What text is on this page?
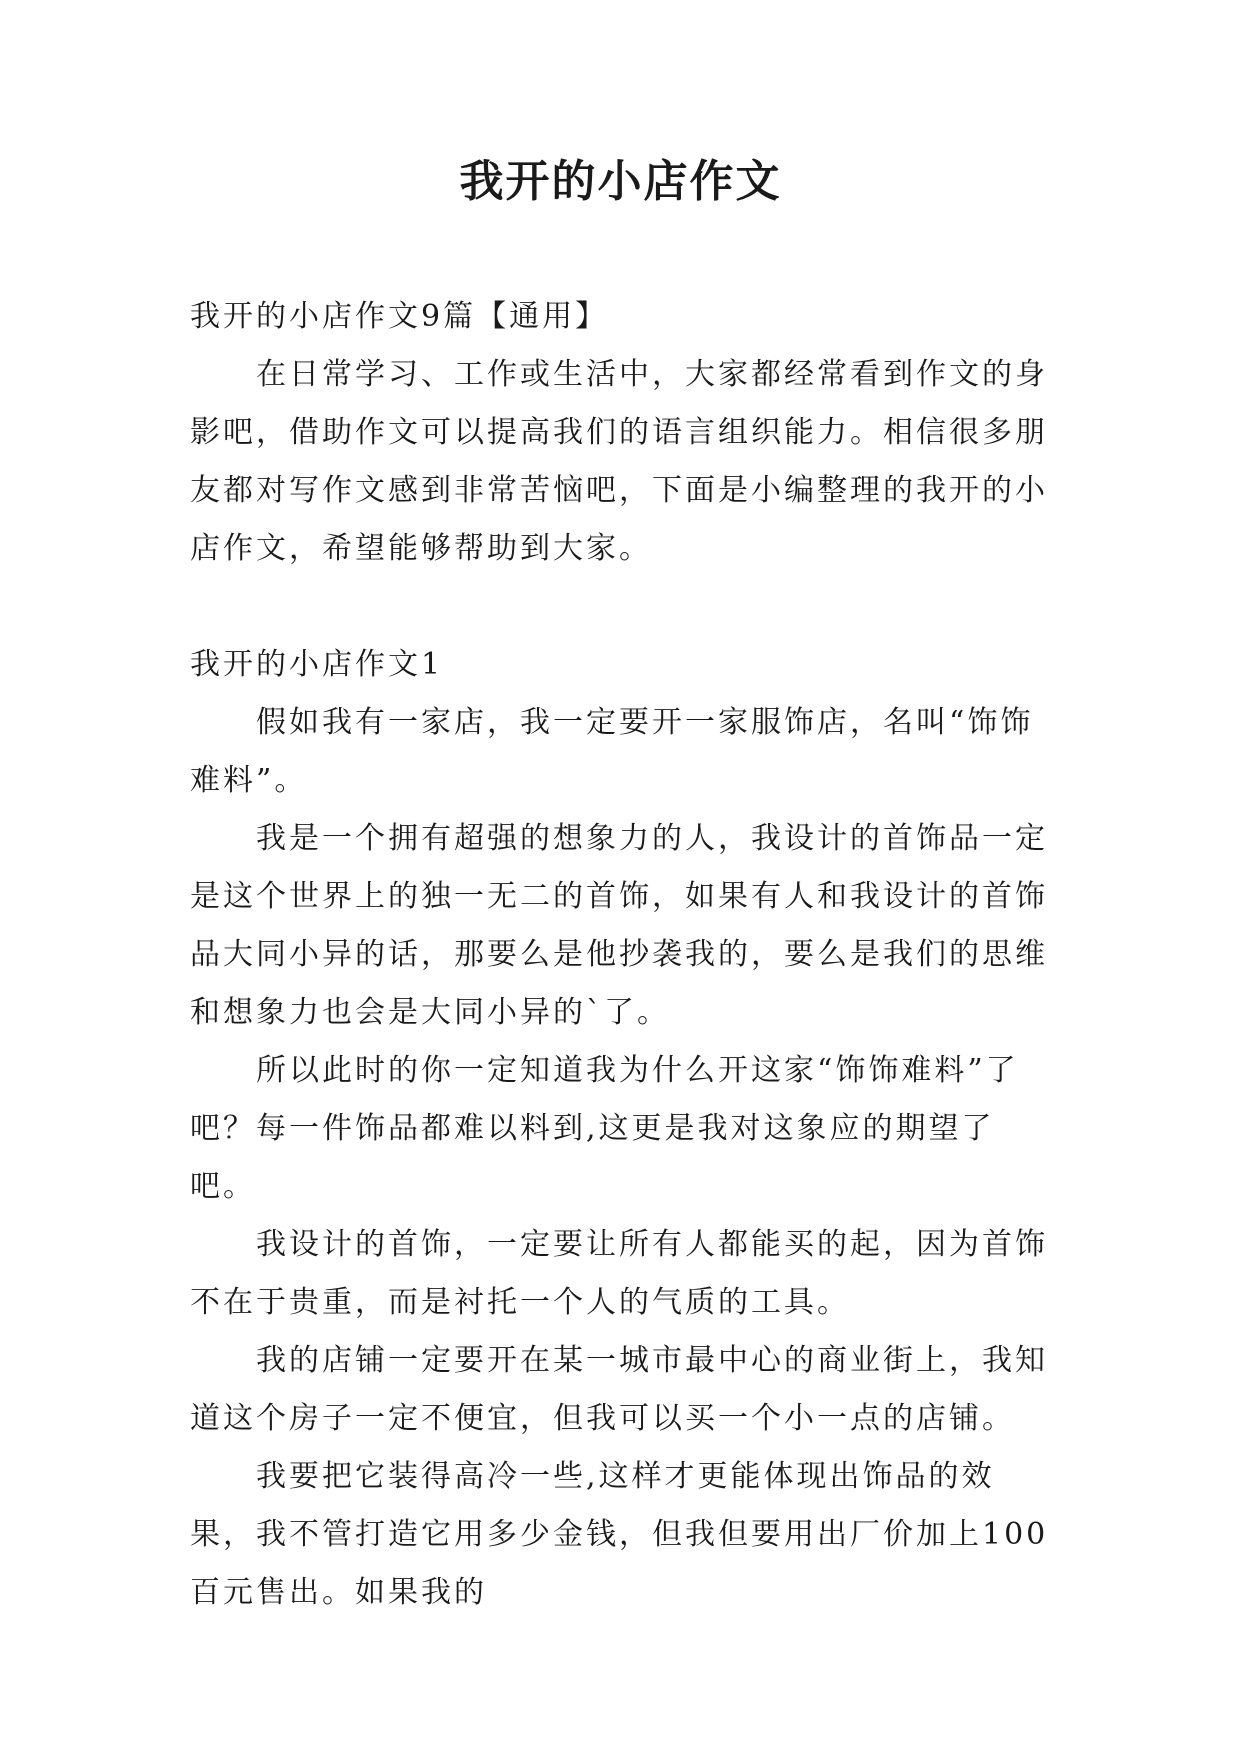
我开的小店作文

我开的小店作文9篇【通用】

在日常学习、工作或生活中，大家都经常看到作文的身影吧，借助作文可以提高我们的语言组织能力。相信很多朋友都对写作文感到非常苦恼吧，下面是小编整理的我开的小店作文，希望能够帮助到大家。

我开的小店作文1

假如我有一家店，我一定要开一家服饰店，名叫“饰饰难料”。

我是一个拥有超强的想象力的人，我设计的首饰品一定是这个世界上的独一无二的首饰，如果有人和我设计的首饰品大同小异的话，那要么是他抄袭我的，要么是我们的思维和想象力也会是大同小异的`了。

所以此时的你一定知道我为什么开这家“饰饰难料”了吧？每一件饰品都难以料到,这更是我对这象应的期望了吧。

我设计的首饰，一定要让所有人都能买的起，因为首饰不在于贵重，而是衬托一个人的气质的工具。

我的店铺一定要开在某一城市最中心的商业街上，我知道这个房子一定不便宜，但我可以买一个小一点的店铺。

我要把它装得高冷一些,这样才更能体现出饰品的效果，我不管打造它用多少金钱，但我但要用出厂价加上100百元售出。如果我的
